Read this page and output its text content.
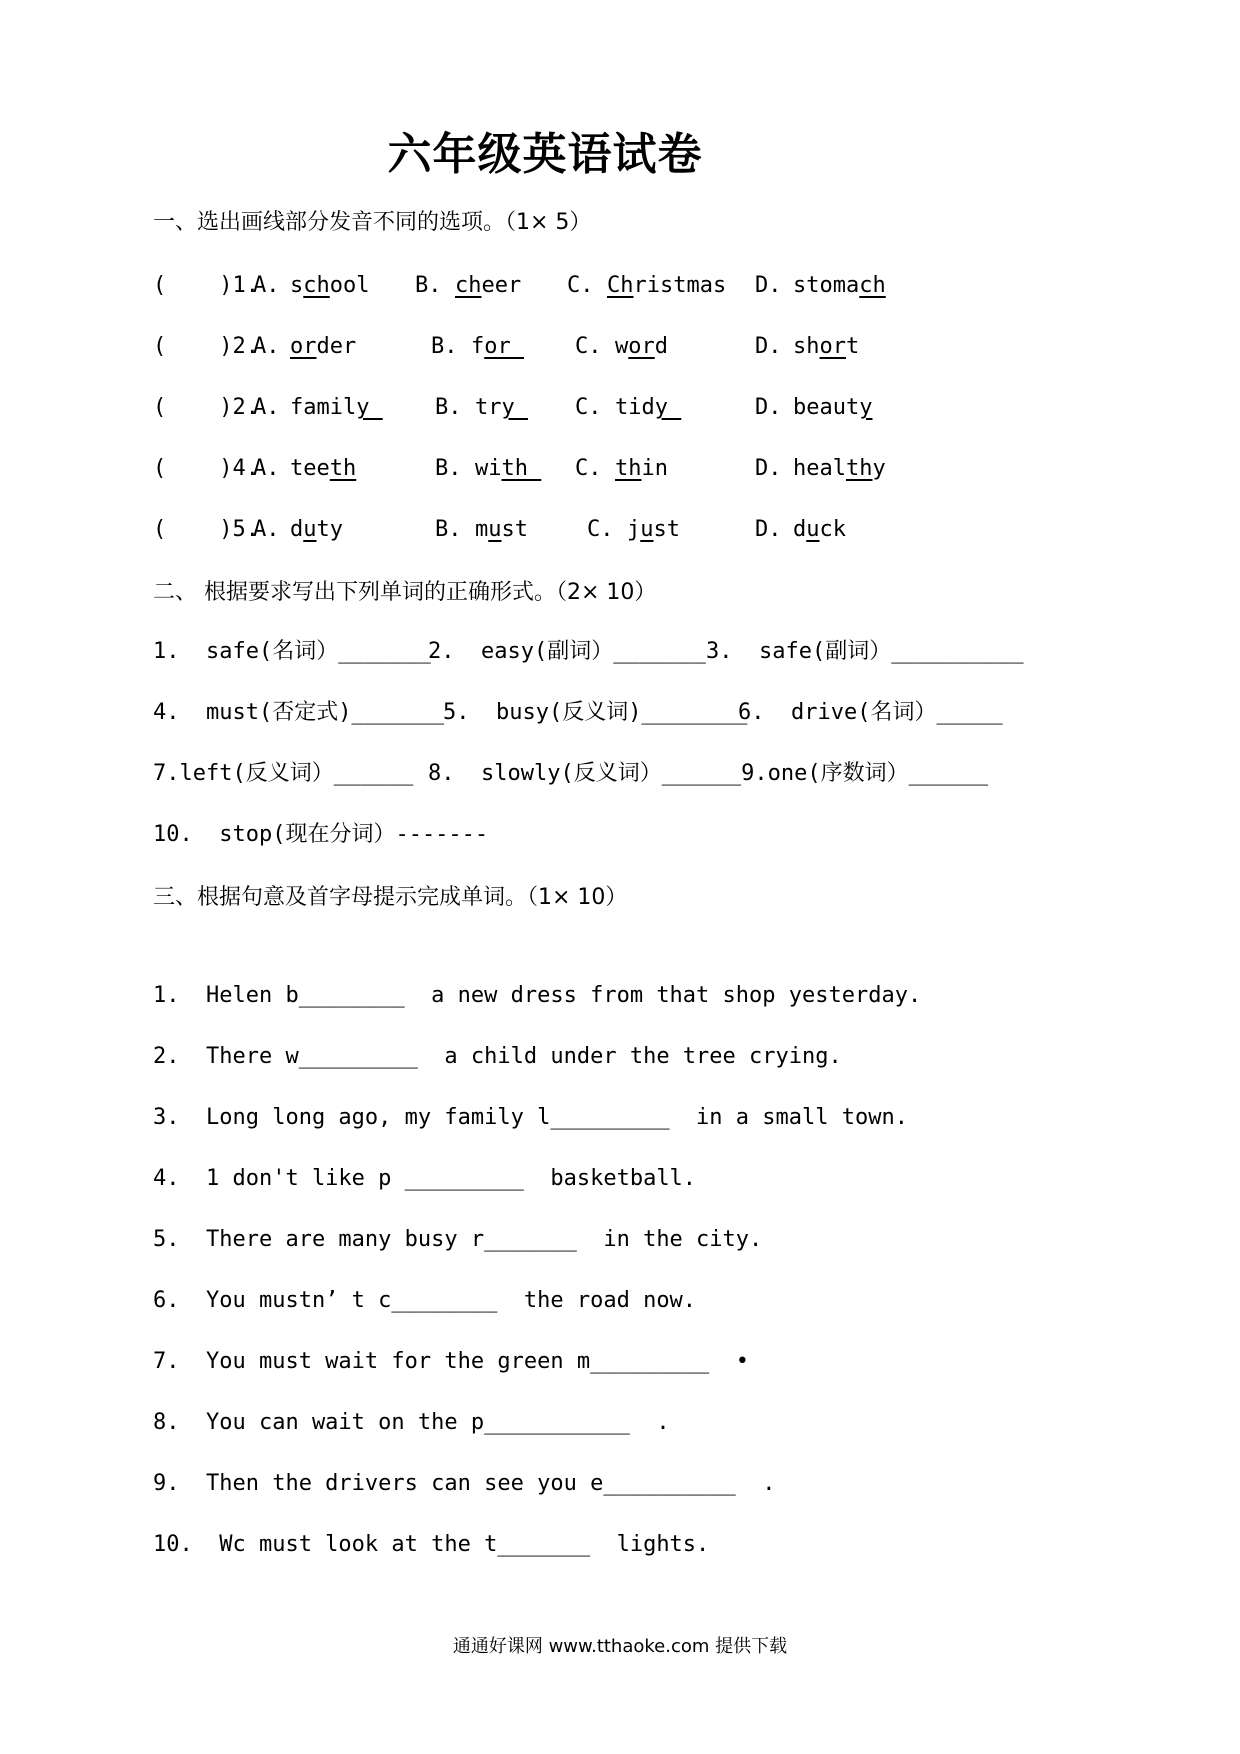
六年级英语试卷
一、选出画线部分发音不同的选项。（1× 5）
(    )1.
A. school B. cheer C. Christmas D. stomach
(    )2.
A. order	B. for C. word	D. short
(    )2.
A. family B. try C. tidy	D. beauty
(    )4.
A. teeth	B. with C. thin	D. healthy
(    )5.
A. duty	B. must	C. just	D. duck
二、 根据要求写出下列单词的正确形式。（2× 10）
1.  safe(名词）_______
2.  easy(副词）_______ 3.  safe(副词）__________
4.  must(否定式)_______
5.  busy(反义词)________
6.  drive(名词）_____
7.left(反义词）______ 8.  slowly(反义词）______9.one(序数词）______
10.  stop(现在分词）-------
三、根据句意及首字母提示完成单词。（1× 10）
1.  Helen b________  a new dress from that shop yesterday.
2.  There w_________  a child under the tree crying.
3.  Long long ago, my family l_________  in a small town.
4.  1 don't like p _________  basketball.
5.  There are many busy r_______  in the city.
6.  You mustn’ t c________  the road now.
7.  You must wait for the green m_________  •
8.  You can wait on the p___________  .
9.  Then the drivers can see you e__________  .
10.  Wc must look at the t_______  lights.
通通好课网 www.tthaoke.com 提供下载
